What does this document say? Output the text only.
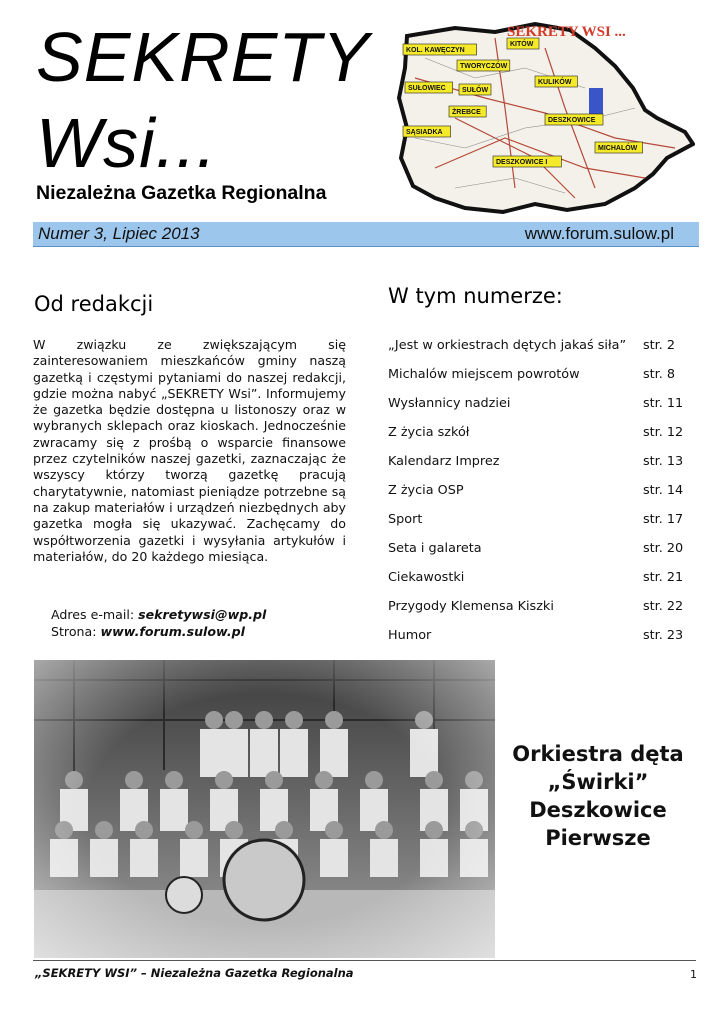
SEKRETY
Wsi...
Niezależna Gazetka Regionalna
KOL. KAWĘCZYN
KITÓW
TWORYCZÓW
SUŁOWIEC SUŁÓW
KULIKÓW
ŻREBCE
DESZKOWICE
SĄSIADKA
MICHALÓW
DESZKOWICE I
SEKRETY WSI ...
Numer 3, Lipiec 2013	www.forum.sulow.pl
Od redakcji
W związku ze zwiększającym się zainteresowaniem mieszkańców gminy naszą gazetką i częstymi pytaniami do naszej redakcji, gdzie można nabyć „SEKRETY Wsi”. Informujemy że gazetka będzie dostępna u listonoszy oraz w wybranych sklepach oraz kioskach. Jednocześnie zwracamy się z prośbą o wsparcie finansowe przez czytelników naszej gazetki, zaznaczając że wszyscy którzy tworzą gazetkę pracują charytatywnie, natomiast pieniądze potrzebne są na zakup materiałów i urządzeń niezbędnych aby gazetka mogła się ukazywać. Zachęcamy do współtworzenia gazetki i wysyłania artykułów i materiałów, do 20 każdego miesiąca.
Adres e-mail: sekretywsi@wp.pl
Strona: www.forum.sulow.pl
W tym numerze:
„Jest w orkiestrach dętych jakaś siła” str. 2
Michalów miejscem powrotów	str. 8
Wysłannicy nadziei	str. 11
Z życia szkół	str. 12
Kalendarz Imprez	str. 13
Z życia OSP	str. 14
Sport	str. 17
Seta i galareta	str. 20
Ciekawostki	str. 21
Przygody Klemensa Kiszki	str. 22
Humor	str. 23
Orkiestra dęta
„Świrki”
Deszkowice
Pierwsze
„SEKRETY WSI” – Niezależna Gazetka Regionalna	1
